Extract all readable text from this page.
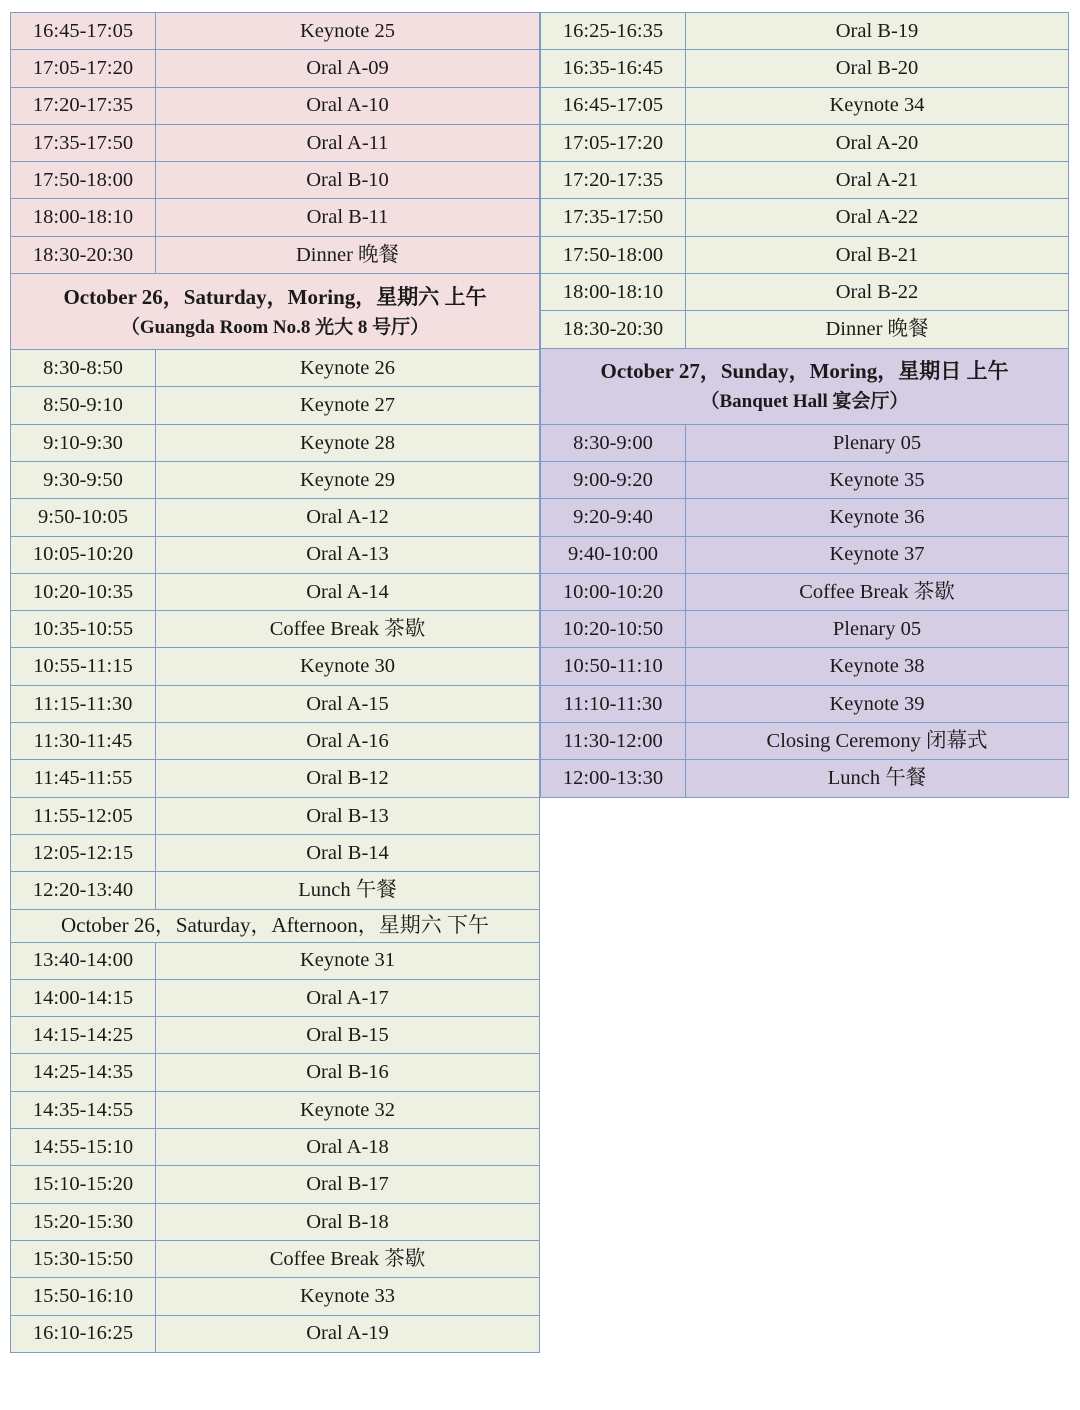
16:45-17:05	Keynote 25
17:05-17:20	Oral A-09
17:20-17:35	Oral A-10
17:35-17:50	Oral A-11
17:50-18:00	Oral B-10
18:00-18:10	Oral B-11
18:30-20:30	Dinner 晚餐

October 26，Saturday，Moring，星期六 上午
（Guangda Room No.8 光大 8 号厅）	

8:30-8:50	Keynote 26
8:50-9:10	Keynote 27
9:10-9:30	Keynote 28
9:30-9:50	Keynote 29
9:50-10:05	Oral A-12
10:05-10:20	Oral A-13
10:20-10:35	Oral A-14
10:35-10:55	Coffee Break 茶歇
10:55-11:15	Keynote 30
11:15-11:30	Oral A-15
11:30-11:45	Oral A-16
11:45-11:55	Oral B-12
11:55-12:05	Oral B-13
12:05-12:15	Oral B-14
12:20-13:40	Lunch 午餐
October 26，Saturday，Afternoon，星期六 下午	
13:40-14:00	Keynote 31
14:00-14:15	Oral A-17
14:15-14:25	Oral B-15
14:25-14:35	Oral B-16
14:35-14:55	Keynote 32
14:55-15:10	Oral A-18
15:10-15:20	Oral B-17
15:20-15:30	Oral B-18
15:30-15:50	Coffee Break 茶歇
15:50-16:10	Keynote 33
16:10-16:25	Oral A-19
16:25-16:35	Oral B-19
16:35-16:45	Oral B-20
16:45-17:05	Keynote 34
17:05-17:20	Oral A-20
17:20-17:35	Oral A-21
17:35-17:50	Oral A-22
17:50-18:00	Oral B-21
18:00-18:10	Oral B-22
18:30-20:30	Dinner 晚餐

October 27，Sunday，Moring，星期日 上午
（Banquet Hall 宴会厅）	

8:30-9:00	Plenary 05
9:00-9:20	Keynote 35
9:20-9:40	Keynote 36
9:40-10:00	Keynote 37
10:00-10:20	Coffee Break 茶歇
10:20-10:50	Plenary 05
10:50-11:10	Keynote 38
11:10-11:30	Keynote 39
11:30-12:00	Closing Ceremony 闭幕式
12:00-13:30	Lunch 午餐
